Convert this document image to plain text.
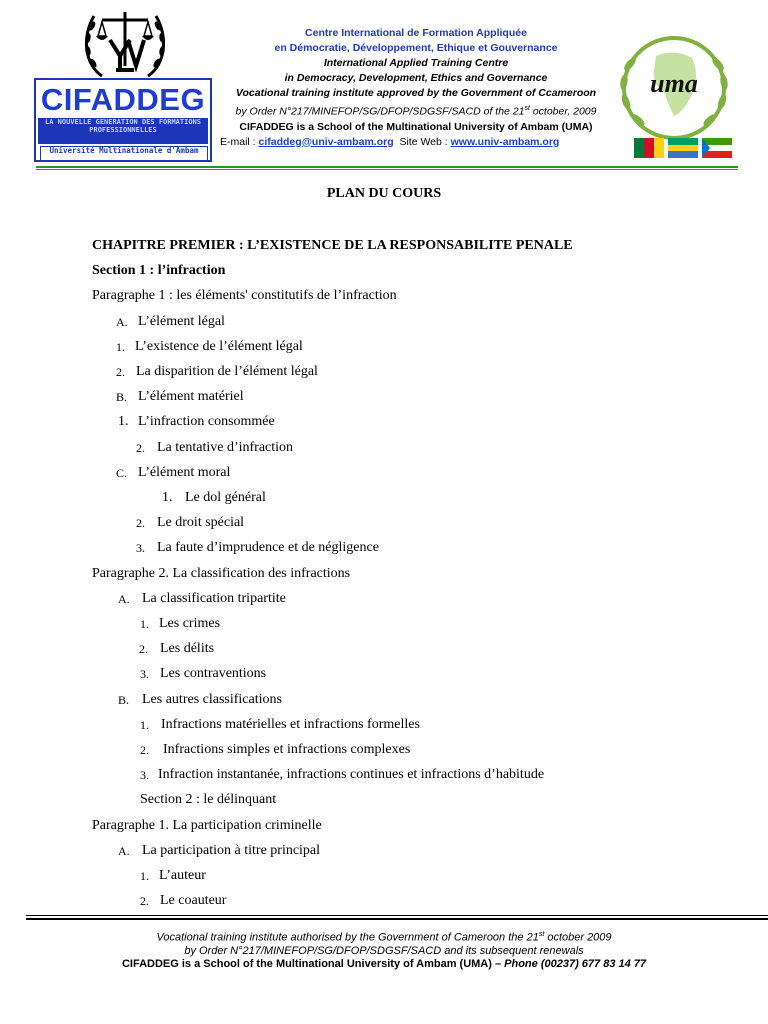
CIFADDEG
LA NOUVELLE GENERATION DES FORMATIONS PROFESSIONNELLES
Université Multinationale d'Ambam
Centre International de Formation Appliquée
en Démocratie, Développement, Ethique et Gouvernance
International Applied Training Centre
in Democracy, Development, Ethics and Governance
Vocational training institute approved by the Government of Ccameroon
by Order N°217/MINEFOP/SG/DFOP/SDGSF/SACD of the 21st october, 2009
CIFADDEG is a School of the Multinational University of Ambam (UMA)
E-mail : cifaddeg@univ-ambam.org Site Web : www.univ-ambam.org
uma
PLAN DU COURS
CHAPITRE PREMIER : L’EXISTENCE DE LA RESPONSABILITE PENALE
Section 1 : l’infraction
Paragraphe 1 : les éléments' constitutifs de l’infraction
A. L’élément légal
1. L’existence de l’élément légal
2. La disparition de l’élément légal
B. L’élément matériel
1. L’infraction consommée
2. La tentative d’infraction
C. L’élément moral
1. Le dol général
2. Le droit spécial
3. La faute d’imprudence et de négligence
Paragraphe 2. La classification des infractions
A. La classification tripartite
1. Les crimes
2. Les délits
3. Les contraventions
B. Les autres classifications
1. Infractions matérielles et infractions formelles
2. Infractions simples et infractions complexes
3. Infraction instantanée, infractions continues et infractions d’habitude
Section 2 : le délinquant
Paragraphe 1. La participation criminelle
A. La participation à titre principal
1. L’auteur
2. Le coauteur
Vocational training institute authorised by the Government of Cameroon the 21st october 2009
by Order N°217/MINEFOP/SG/DFOP/SDGSF/SACD and its subsequent renewals
CIFADDEG is a School of the Multinational University of Ambam (UMA) – Phone (00237) 677 83 14 77
